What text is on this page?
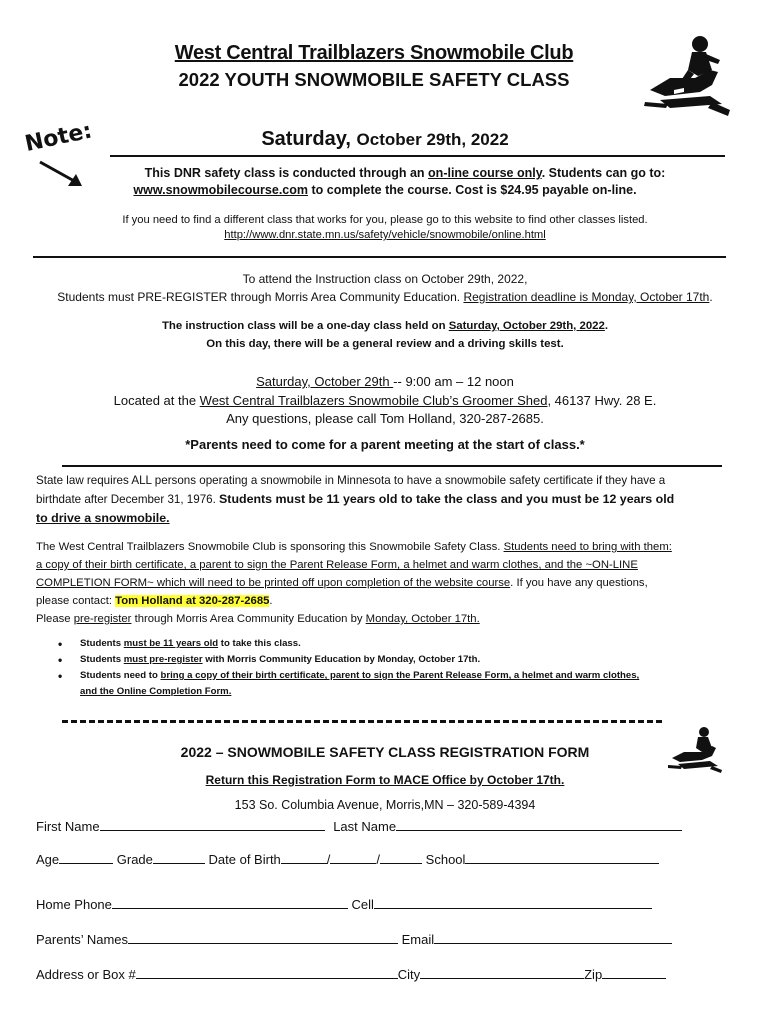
West Central Trailblazers Snowmobile Club
2022 YOUTH SNOWMOBILE SAFETY CLASS
Note:	Saturday, October 29th, 2022
This DNR safety class is conducted through an on-line course only. Students can go to:
www.snowmobilecourse.com to complete the course. Cost is $24.95 payable on-line.
If you need to find a different class that works for you, please go to this website to find other classes listed.
http://www.dnr.state.mn.us/safety/vehicle/snowmobile/online.html
To attend the Instruction class on October 29th, 2022,
Students must PRE-REGISTER through Morris Area Community Education. Registration deadline is Monday, October 17th.
The instruction class will be a one-day class held on Saturday, October 29th, 2022.
On this day, there will be a general review and a driving skills test.
Saturday, October 29th -- 9:00 am – 12 noon
Located at the West Central Trailblazers Snowmobile Club’s Groomer Shed, 46137 Hwy. 28 E.
Any questions, please call Tom Holland, 320-287-2685.
*Parents need to come for a parent meeting at the start of class.*
State law requires ALL persons operating a snowmobile in Minnesota to have a snowmobile safety certificate if they have a
birthdate after December 31, 1976. Students must be 11 years old to take the class and you must be 12 years old
to drive a snowmobile.
The West Central Trailblazers Snowmobile Club is sponsoring this Snowmobile Safety Class. Students need to bring with them:
a copy of their birth certificate, a parent to sign the Parent Release Form, a helmet and warm clothes, and the ~ON-LINE
COMPLETION FORM~ which will need to be printed off upon completion of the website course. If you have any questions,
please contact: Tom Holland at 320-287-2685.
Please pre-register through Morris Area Community Education by Monday, October 17th.
• Students must be 11 years old to take this class.
• Students must pre-register with Morris Community Education by Monday, October 17th.
• Students need to bring a copy of their birth certificate, parent to sign the Parent Release Form, a helmet and warm clothes,
and the Online Completion Form.
2022 – SNOWMOBILE SAFETY CLASS REGISTRATION FORM
Return this Registration Form to MACE Office by October 17th.
153 So. Columbia Avenue, Morris,MN – 320-589-4394
First Name	Last Name
Age	Grade	Date of Birth	/	/	School
Home Phone	Cell
Parents’ Names	Email
Address or Box #	City	Zip
